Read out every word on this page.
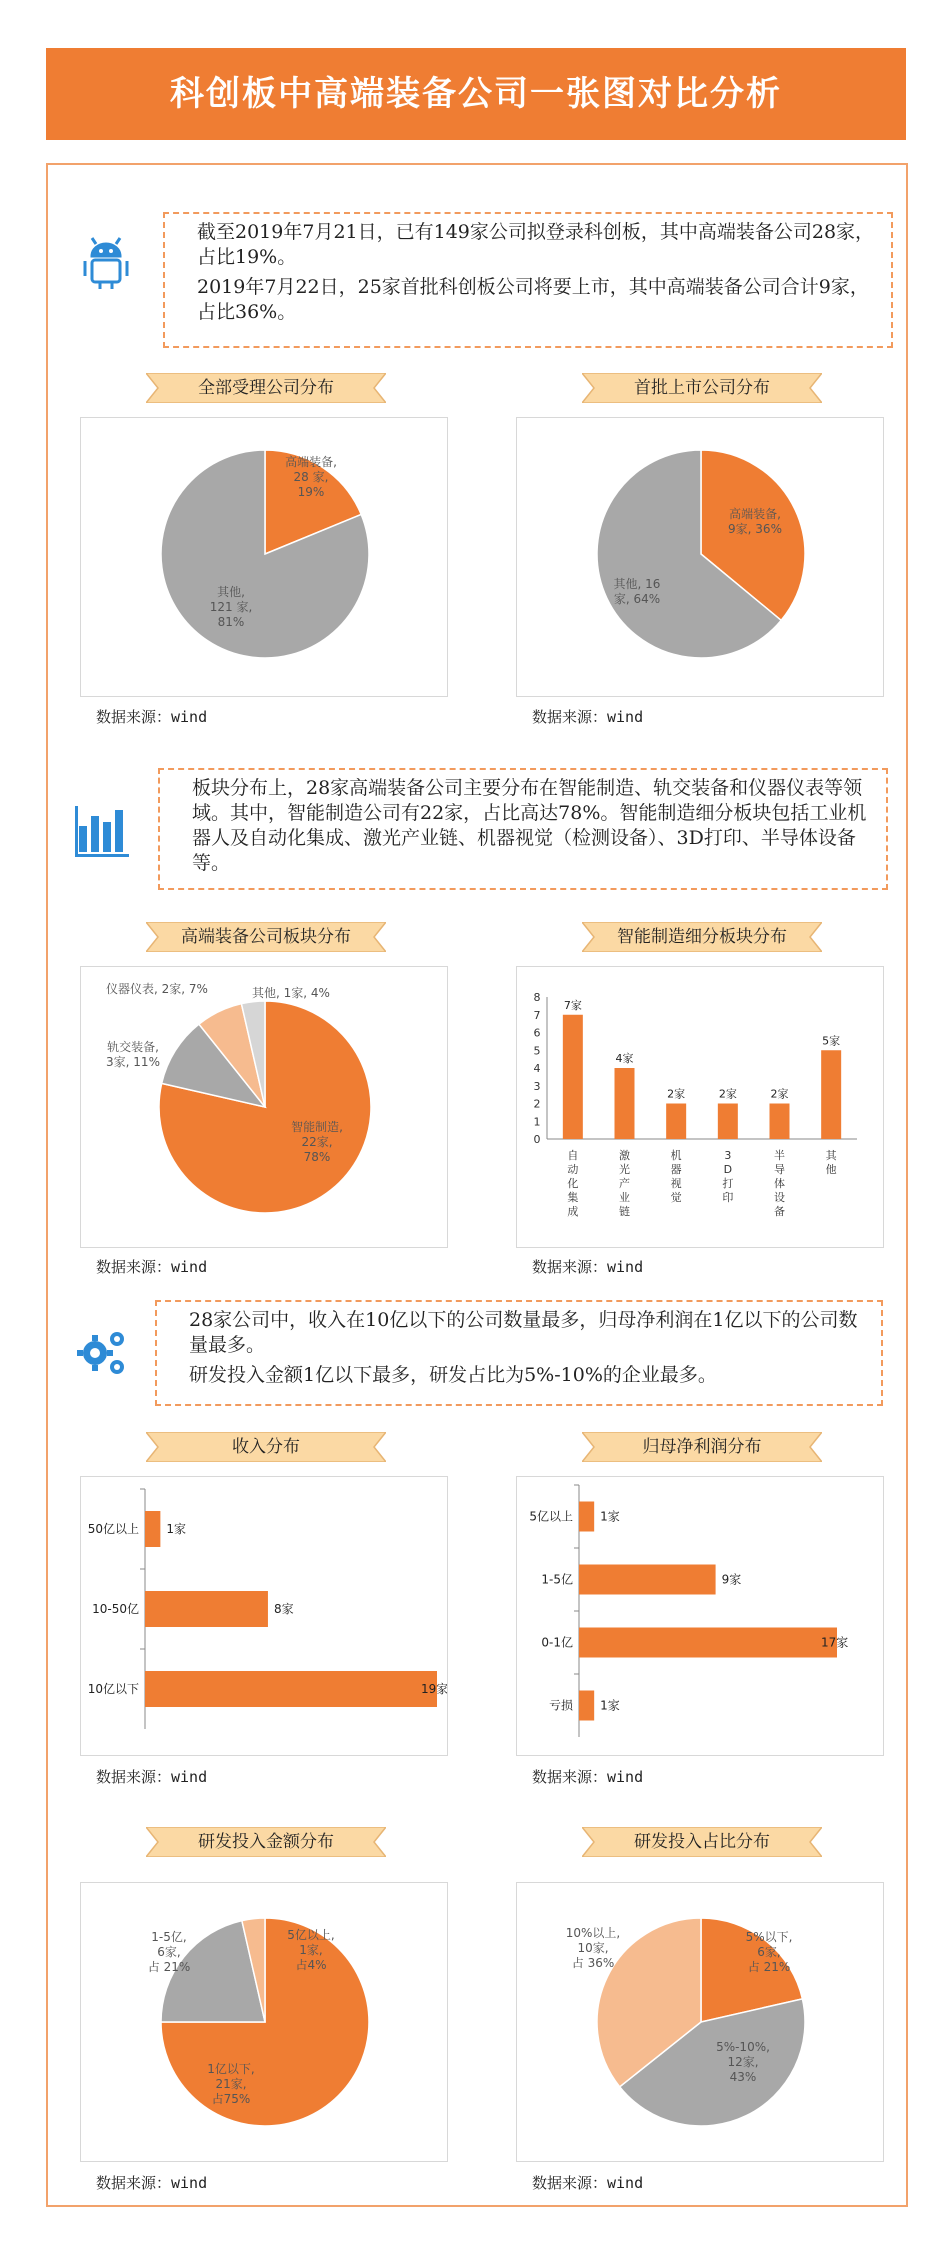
科创板中高端装备公司一张图对比分析

截至2019年7月21日，已有149家公司拟登录科创板，其中高端装备公司28家，占比19%。

2019年7月22日，25家首批科创板公司将要上市，其中高端装备公司合计9家，占比36%。

板块分布上，28家高端装备公司主要分布在智能制造、轨交装备和仪器仪表等领域。其中，智能制造公司有22家，占比高达78%。智能制造细分板块包括工业机器人及自动化集成、激光产业链、机器视觉（检测设备）、3D打印、半导体设备等。

28家公司中，收入在10亿以下的公司数量最多，归母净利润在1亿以下的公司数量最多。

研发投入金额1亿以下最多，研发占比为5%-10%的企业最多。

全部受理公司分布	首批上市公司分布
高端装备公司板块分布	智能制造细分板块分布
收入分布	归母净利润分布
研发投入金额分布	研发投入占比分布
高端装备, 28 家, 19%
其他, 121 家, 81%
高端装备, 9家, 36%
其他, 16 家, 64%
智能制造, 22家, 78%
轨交装备, 3家, 11%
仪器仪表, 2家, 7%	其他, 1家, 4%
0
1
2
3
4
5
6
7
8
7家
自动化集成
4家
激光产业链
2家
机器视觉
2家
3 D 打印
2家
半导体设备
5家
其他
50亿以上 1家
10-50亿	8家
10亿以下	19家
5亿以上 1家
1-5亿	9家
0-1亿	17家
亏损 1家
1亿以下, 21家,占75%
1-5亿, 6家,占 21%
5亿以上, 1家,占4%
5%以下, 6家,占 21%
5%-10%, 12家, 43%
10%以上, 10家,占 36%
数据来源：wind	数据来源：wind
数据来源：wind	数据来源：wind
数据来源：wind	数据来源：wind
数据来源：wind	数据来源：wind
